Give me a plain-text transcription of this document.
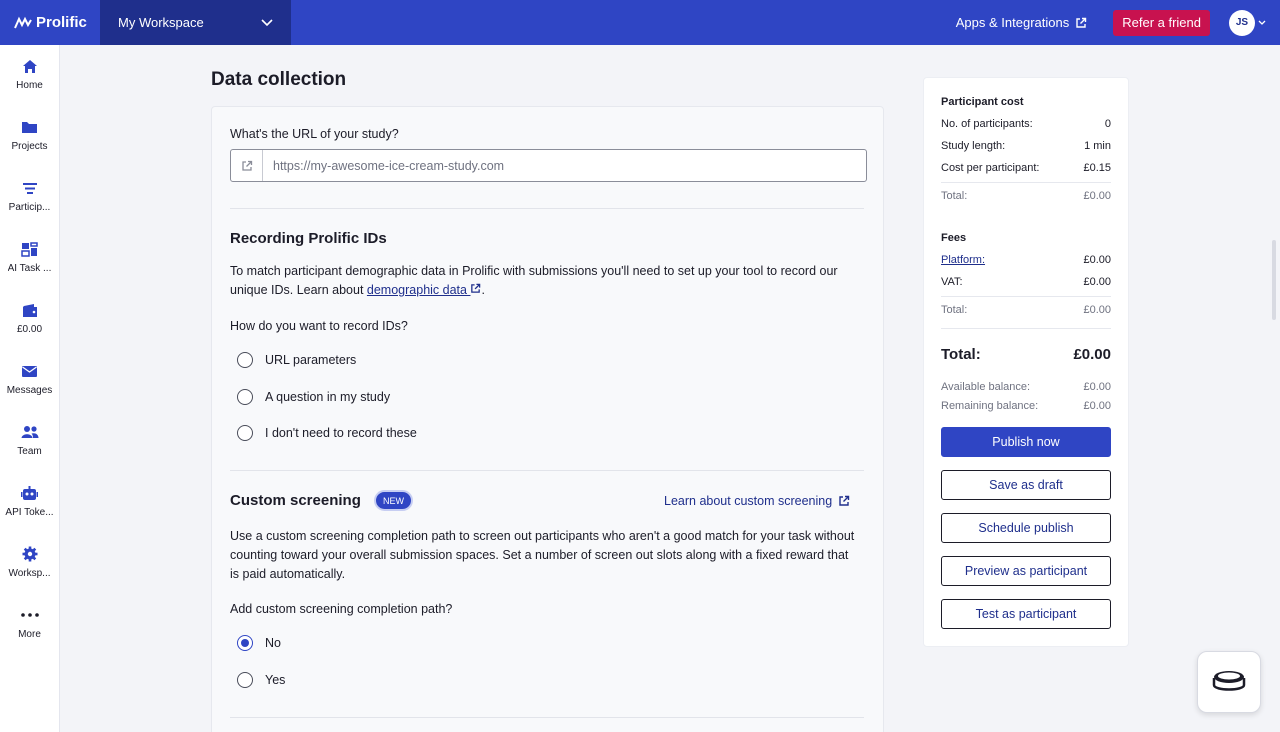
Prolific My Workspace	Apps & Integrations	Refer a friend	JS
Home
Projects
Particip...
AI Task ...
£0.00
Messages
Team
API Toke...
Worksp...
More
Data collection
What's the URL of your study?
https://my-awesome-ice-cream-study.com
Recording Prolific IDs
To match participant demographic data in Prolific with submissions you'll need to set up your tool to record our unique IDs. Learn about demographic data .
How do you want to record IDs?
URL parameters
A question in my study
I don't need to record these
Custom screening	NEW	Learn about custom screening
Use a custom screening completion path to screen out participants who aren't a good match for your task without counting toward your overall submission spaces. Set a number of screen out slots along with a fixed reward that is paid automatically.
Add custom screening completion path?
No
Yes
Participant cost
No. of participants:	0
Study length:	1 min
Cost per participant:	£0.15
Total:	£0.00
Fees
Platform:	£0.00
VAT:	£0.00
Total:	£0.00
Total:	£0.00
Available balance:	£0.00
Remaining balance:	£0.00
Publish now
Save as draft
Schedule publish
Preview as participant
Test as participant
